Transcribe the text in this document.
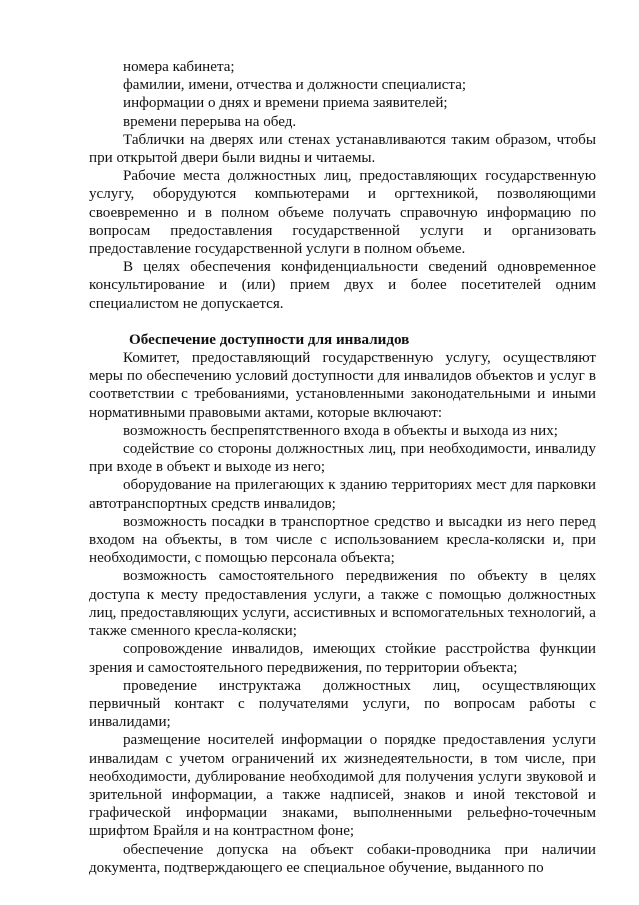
номера кабинета;

фамилии, имени, отчества и должности специалиста;

информации о днях и времени приема заявителей;

времени перерыва на обед.

Таблички на дверях или стенах устанавливаются таким образом, чтобы при открытой двери были видны и читаемы.

Рабочие места должностных лиц, предоставляющих государственную услугу, оборудуются компьютерами и оргтехникой, позволяющими своевременно и в полном объеме получать справочную информацию по вопросам предоставления государственной услуги и организовать предоставление государственной услуги в полном объеме.

В целях обеспечения конфиденциальности сведений одновременное консультирование и (или) прием двух и более посетителей одним специалистом не допускается.

Обеспечение доступности для инвалидов

Комитет, предоставляющий государственную услугу, осуществляют меры по обеспечению условий доступности для инвалидов объектов и услуг в соответствии с требованиями, установленными законодательными и иными нормативными правовыми актами, которые включают:

возможность беспрепятственного входа в объекты и выхода из них;

содействие со стороны должностных лиц, при необходимости, инвалиду при входе в объект и выходе из него;

оборудование на прилегающих к зданию территориях мест для парковки автотранспортных средств инвалидов;

возможность посадки в транспортное средство и высадки из него перед входом на объекты, в том числе с использованием кресла-коляски и, при необходимости, с помощью персонала объекта;

возможность самостоятельного передвижения по объекту в целях доступа к месту предоставления услуги, а также с помощью должностных лиц, предоставляющих услуги, ассистивных и вспомогательных технологий, а также сменного кресла-коляски;

сопровождение инвалидов, имеющих стойкие расстройства функции зрения и самостоятельного передвижения, по территории объекта;

проведение инструктажа должностных лиц, осуществляющих первичный контакт с получателями услуги, по вопросам работы с инвалидами;

размещение носителей информации о порядке предоставления услуги инвалидам с учетом ограничений их жизнедеятельности, в том числе, при необходимости, дублирование необходимой для получения услуги звуковой и зрительной информации, а также надписей, знаков и иной текстовой и графической информации знаками, выполненными рельефно-точечным шрифтом Брайля и на контрастном фоне;

обеспечение допуска на объект собаки-проводника при наличии документа, подтверждающего ее специальное обучение, выданного по
